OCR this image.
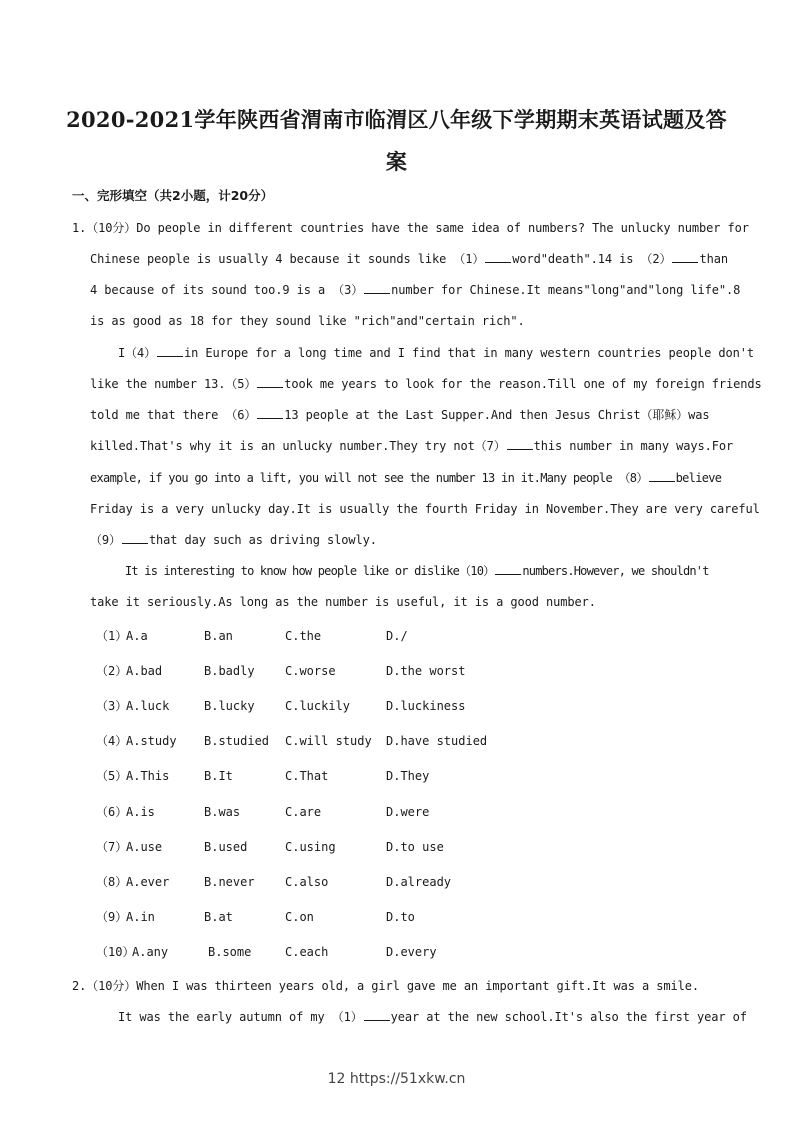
2020-2021学年陕西省渭南市临渭区八年级下学期期末英语试题及答
案
一、完形填空（共2小题，计20分）
1.（10分）Do people in different countries have the same idea of numbers? The unlucky number for
Chinese people is usually 4 because it sounds like （1） word"death".14 is （2） than
4 because of its sound too.9 is a （3） number for Chinese.It means"long"and"long life".8
is as good as 18 for they sound like "rich"and"certain rich".
I（4） in Europe for a long time and I find that in many western countries people don't
like the number 13.（5） took me years to look for the reason.Till one of my foreign friends
told me that there （6） 13 people at the Last Supper.And then Jesus Christ（耶稣）was
killed.That's why it is an unlucky number.They try not（7） this number in many ways.For
example, if you go into a lift, you will not see the number 13 in it.Many people （8） believe
Friday is a very unlucky day.It is usually the fourth Friday in November.They are very careful
（9） that day such as driving slowly.
It is interesting to know how people like or dislike（10） numbers.However, we shouldn't
take it seriously.As long as the number is useful, it is a good number.
（1）
A.a	B.an	C.the	D./
（2）
A.bad	B.badly	C.worse	D.the worst
（3）
A.luck	B.lucky	C.luckily	D.luckiness
（4）
A.study B.studied C.will study D.have studied
（5）
A.This	B.It	C.That	D.They
（6）
A.is	B.was	C.are	D.were
（7）
A.use	B.used	C.using	D.to use
（8）
A.ever	B.never	C.also	D.already
（9）
A.in	B.at	C.on	D.to
（10）
A.any	B.some	C.each	D.every
2.（10分）When I was thirteen years old, a girl gave me an important gift.It was a smile.
It was the early autumn of my （1） year at the new school.It's also the first year of
12 https://51xkw.cn
